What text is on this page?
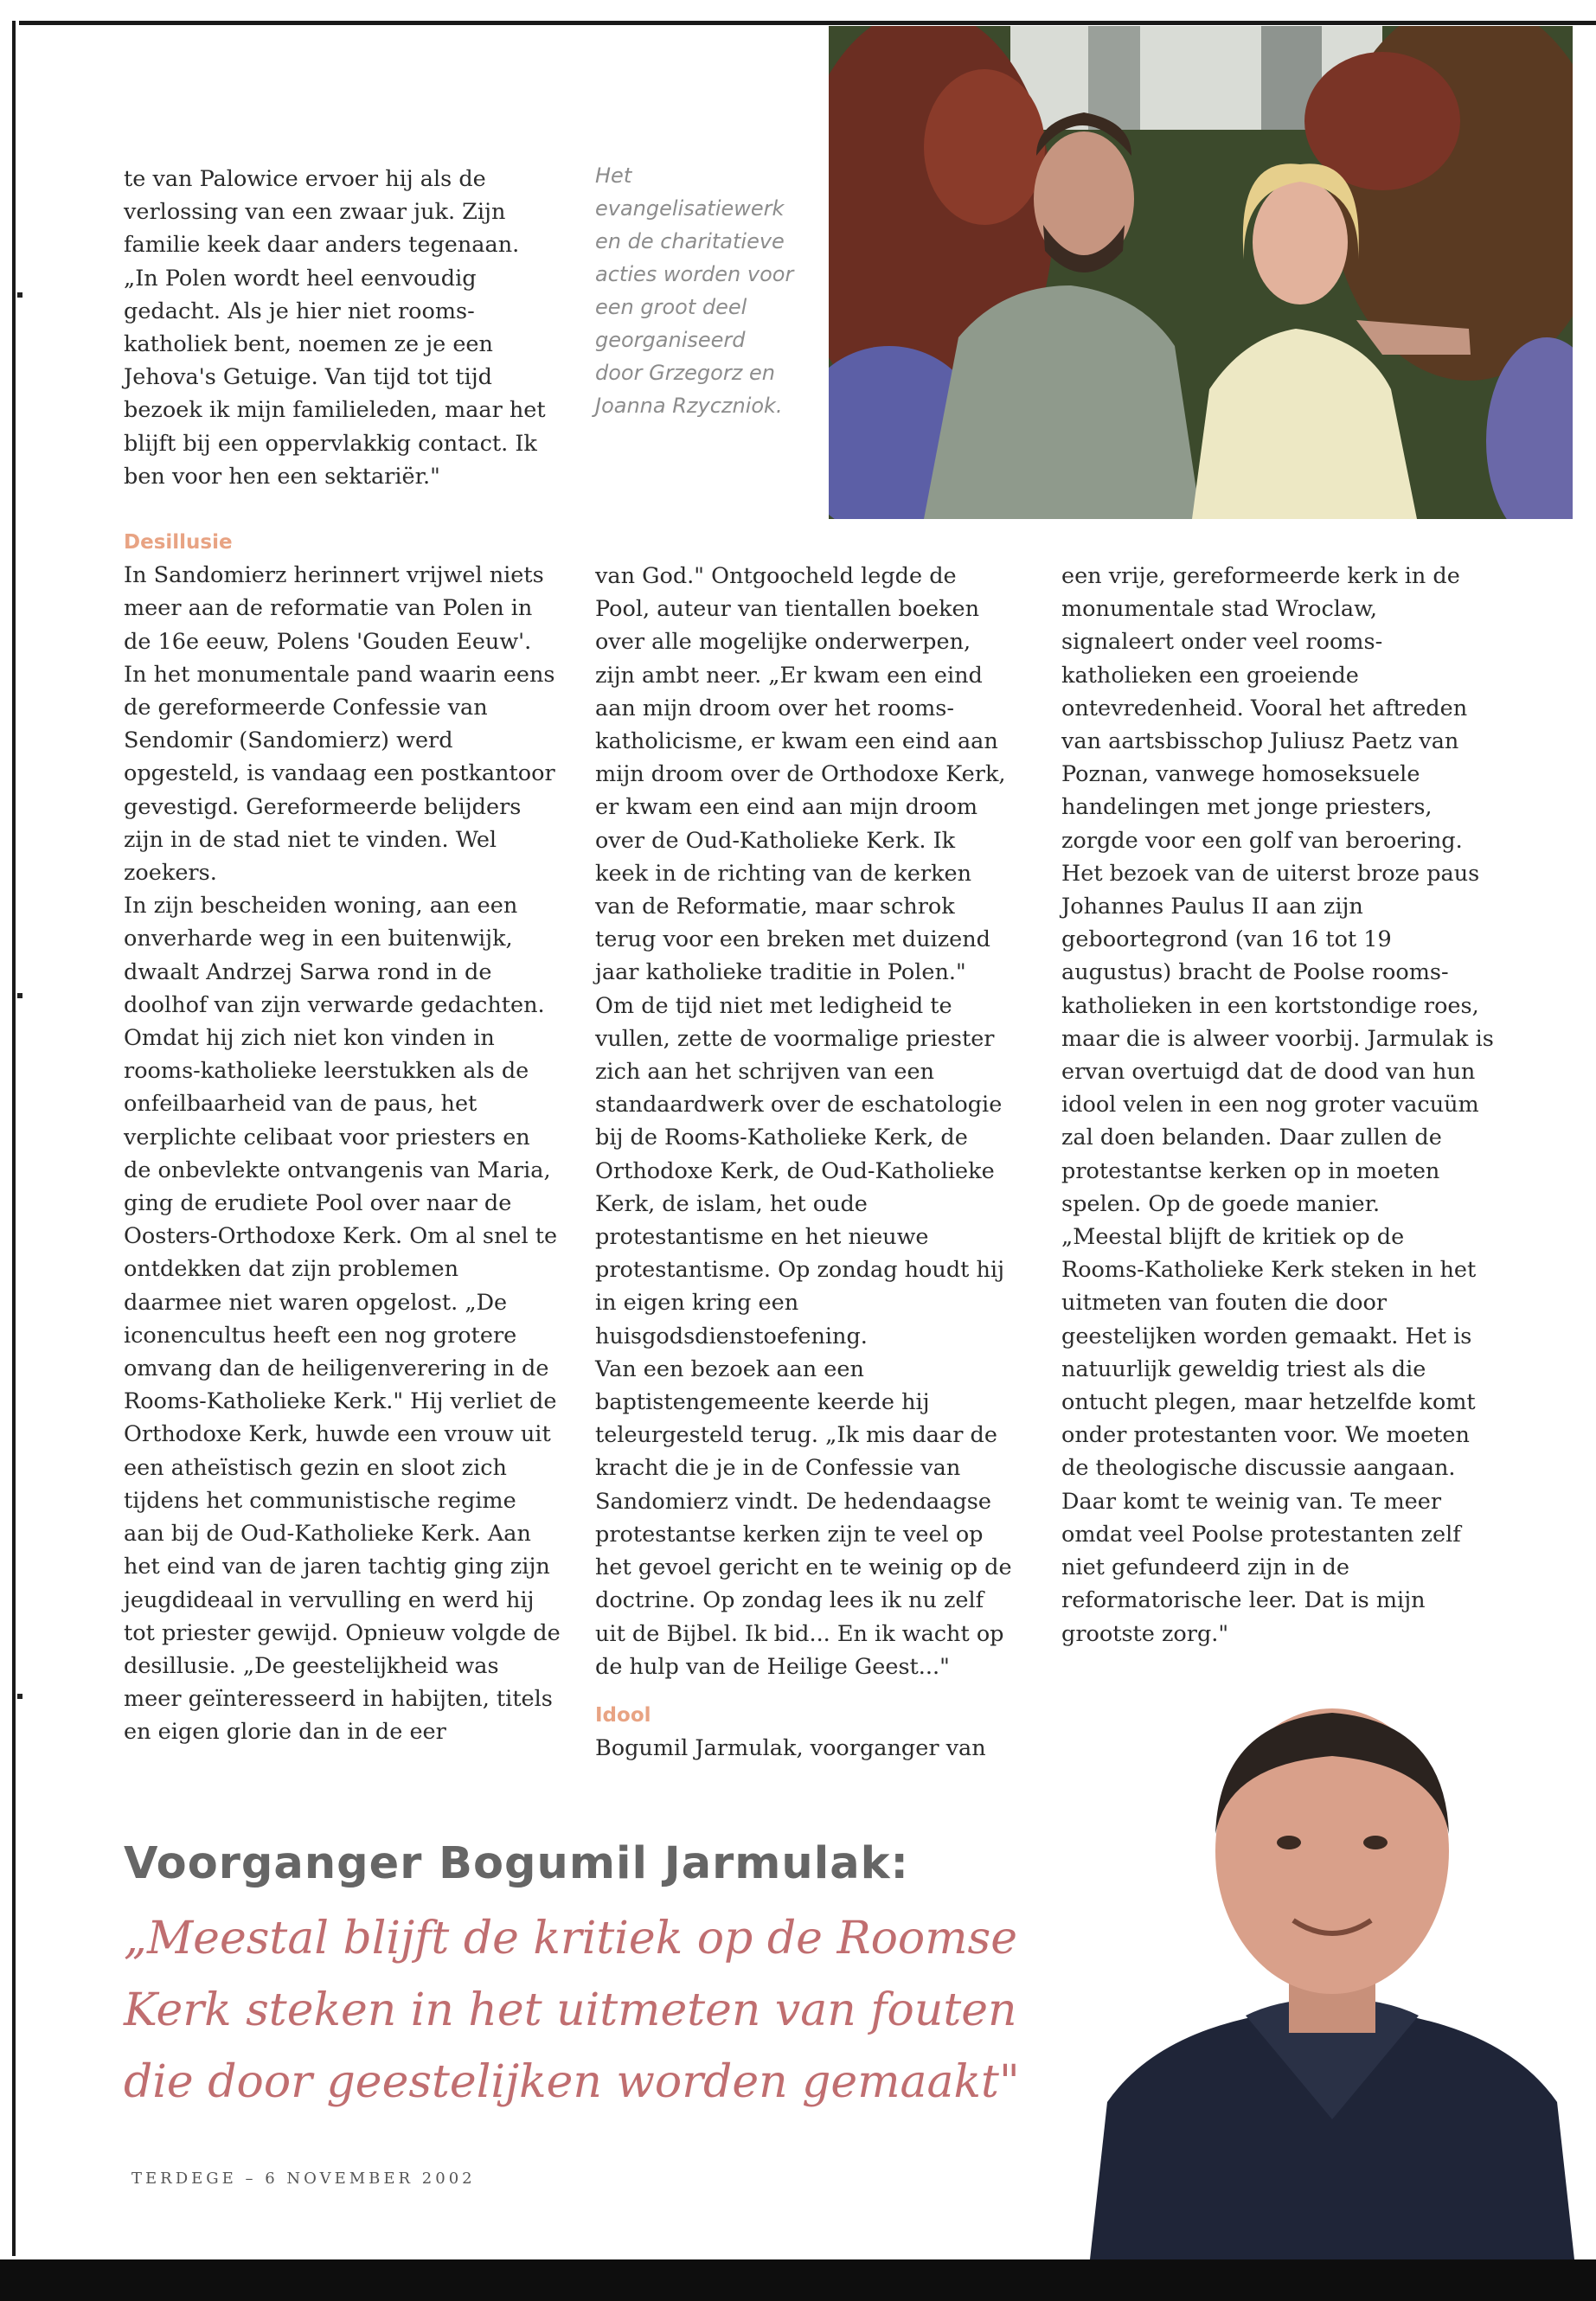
te van Palowice ervoer hij als de verlossing van een zwaar juk. Zijn familie keek daar anders tegenaan. „In Polen wordt heel eenvoudig gedacht. Als je hier niet rooms-katholiek bent, noemen ze je een Jehova's Getuige. Van tijd tot tijd bezoek ik mijn familieleden, maar het blijft bij een oppervlakkig contact. Ik ben voor hen een sektariër."

Het evangelisatiewerk en de charitatieve acties worden voor een groot deel georganiseerd door Grzegorz en Joanna Rzyczniok.
Desillusie

In Sandomierz herinnert vrijwel niets meer aan de reformatie van Polen in de 16e eeuw, Polens 'Gouden Eeuw'. In het monumentale pand waarin eens de gereformeerde Confessie van Sendomir (Sandomierz) werd opgesteld, is vandaag een postkantoor gevestigd. Gereformeerde belijders zijn in de stad niet te vinden. Wel zoekers.

In zijn bescheiden woning, aan een onverharde weg in een buitenwijk, dwaalt Andrzej Sarwa rond in de doolhof van zijn verwarde gedachten. Omdat hij zich niet kon vinden in rooms-katholieke leerstukken als de onfeilbaarheid van de paus, het verplichte celibaat voor priesters en de onbevlekte ontvangenis van Maria, ging de erudiete Pool over naar de Oosters-Orthodoxe Kerk. Om al snel te ontdekken dat zijn problemen daarmee niet waren opgelost. „De iconencultus heeft een nog grotere omvang dan de heiligenverering in de Rooms-Katholieke Kerk." Hij verliet de Orthodoxe Kerk, huwde een vrouw uit een atheïstisch gezin en sloot zich tijdens het communistische regime aan bij de Oud-Katholieke Kerk. Aan het eind van de jaren tachtig ging zijn jeugdideaal in vervulling en werd hij tot priester gewijd. Opnieuw volgde de desillusie. „De geestelijkheid was meer geïnteresseerd in habijten, titels en eigen glorie dan in de eer

van God." Ontgoocheld legde de Pool, auteur van tientallen boeken over alle mogelijke onderwerpen, zijn ambt neer. „Er kwam een eind aan mijn droom over het rooms-katholicisme, er kwam een eind aan mijn droom over de Orthodoxe Kerk, er kwam een eind aan mijn droom over de Oud-Katholieke Kerk. Ik keek in de richting van de kerken van de Reformatie, maar schrok terug voor een breken met duizend jaar katholieke traditie in Polen."

Om de tijd niet met ledigheid te vullen, zette de voormalige priester zich aan het schrijven van een standaardwerk over de eschatologie bij de Rooms-Katholieke Kerk, de Orthodoxe Kerk, de Oud-Katholieke Kerk, de islam, het oude protestantisme en het nieuwe protestantisme. Op zondag houdt hij in eigen kring een huisgodsdienstoefening.

Van een bezoek aan een baptistengemeente keerde hij teleurgesteld terug. „Ik mis daar de kracht die je in de Confessie van Sandomierz vindt. De hedendaagse protestantse kerken zijn te veel op het gevoel gericht en te weinig op de doctrine. Op zondag lees ik nu zelf uit de Bijbel. Ik bid... En ik wacht op de hulp van de Heilige Geest..."

Idool

Bogumil Jarmulak, voorganger van

een vrije, gereformeerde kerk in de monumentale stad Wroclaw, signaleert onder veel rooms-katholieken een groeiende ontevredenheid. Vooral het aftreden van aartsbisschop Juliusz Paetz van Poznan, vanwege homoseksuele handelingen met jonge priesters, zorgde voor een golf van beroering.

Het bezoek van de uiterst broze paus Johannes Paulus II aan zijn geboortegrond (van 16 tot 19 augustus) bracht de Poolse rooms-katholieken in een kortstondige roes, maar die is alweer voorbij. Jarmulak is ervan overtuigd dat de dood van hun idool velen in een nog groter vacuüm zal doen belanden. Daar zullen de protestantse kerken op in moeten spelen. Op de goede manier.

„Meestal blijft de kritiek op de Rooms-Katholieke Kerk steken in het uitmeten van fouten die door geestelijken worden gemaakt. Het is natuurlijk geweldig triest als die ontucht plegen, maar hetzelfde komt onder protestanten voor. We moeten de theologische discussie aangaan. Daar komt te weinig van. Te meer omdat veel Poolse protestanten zelf niet gefundeerd zijn in de reformatorische leer. Dat is mijn grootste zorg."

Voorganger Bogumil Jarmulak:
„Meestal blijft de kritiek op de Roomse Kerk steken in het uitmeten van fouten die door geestelijken worden gemaakt"
TERDEGE – 6 NOVEMBER 2002
